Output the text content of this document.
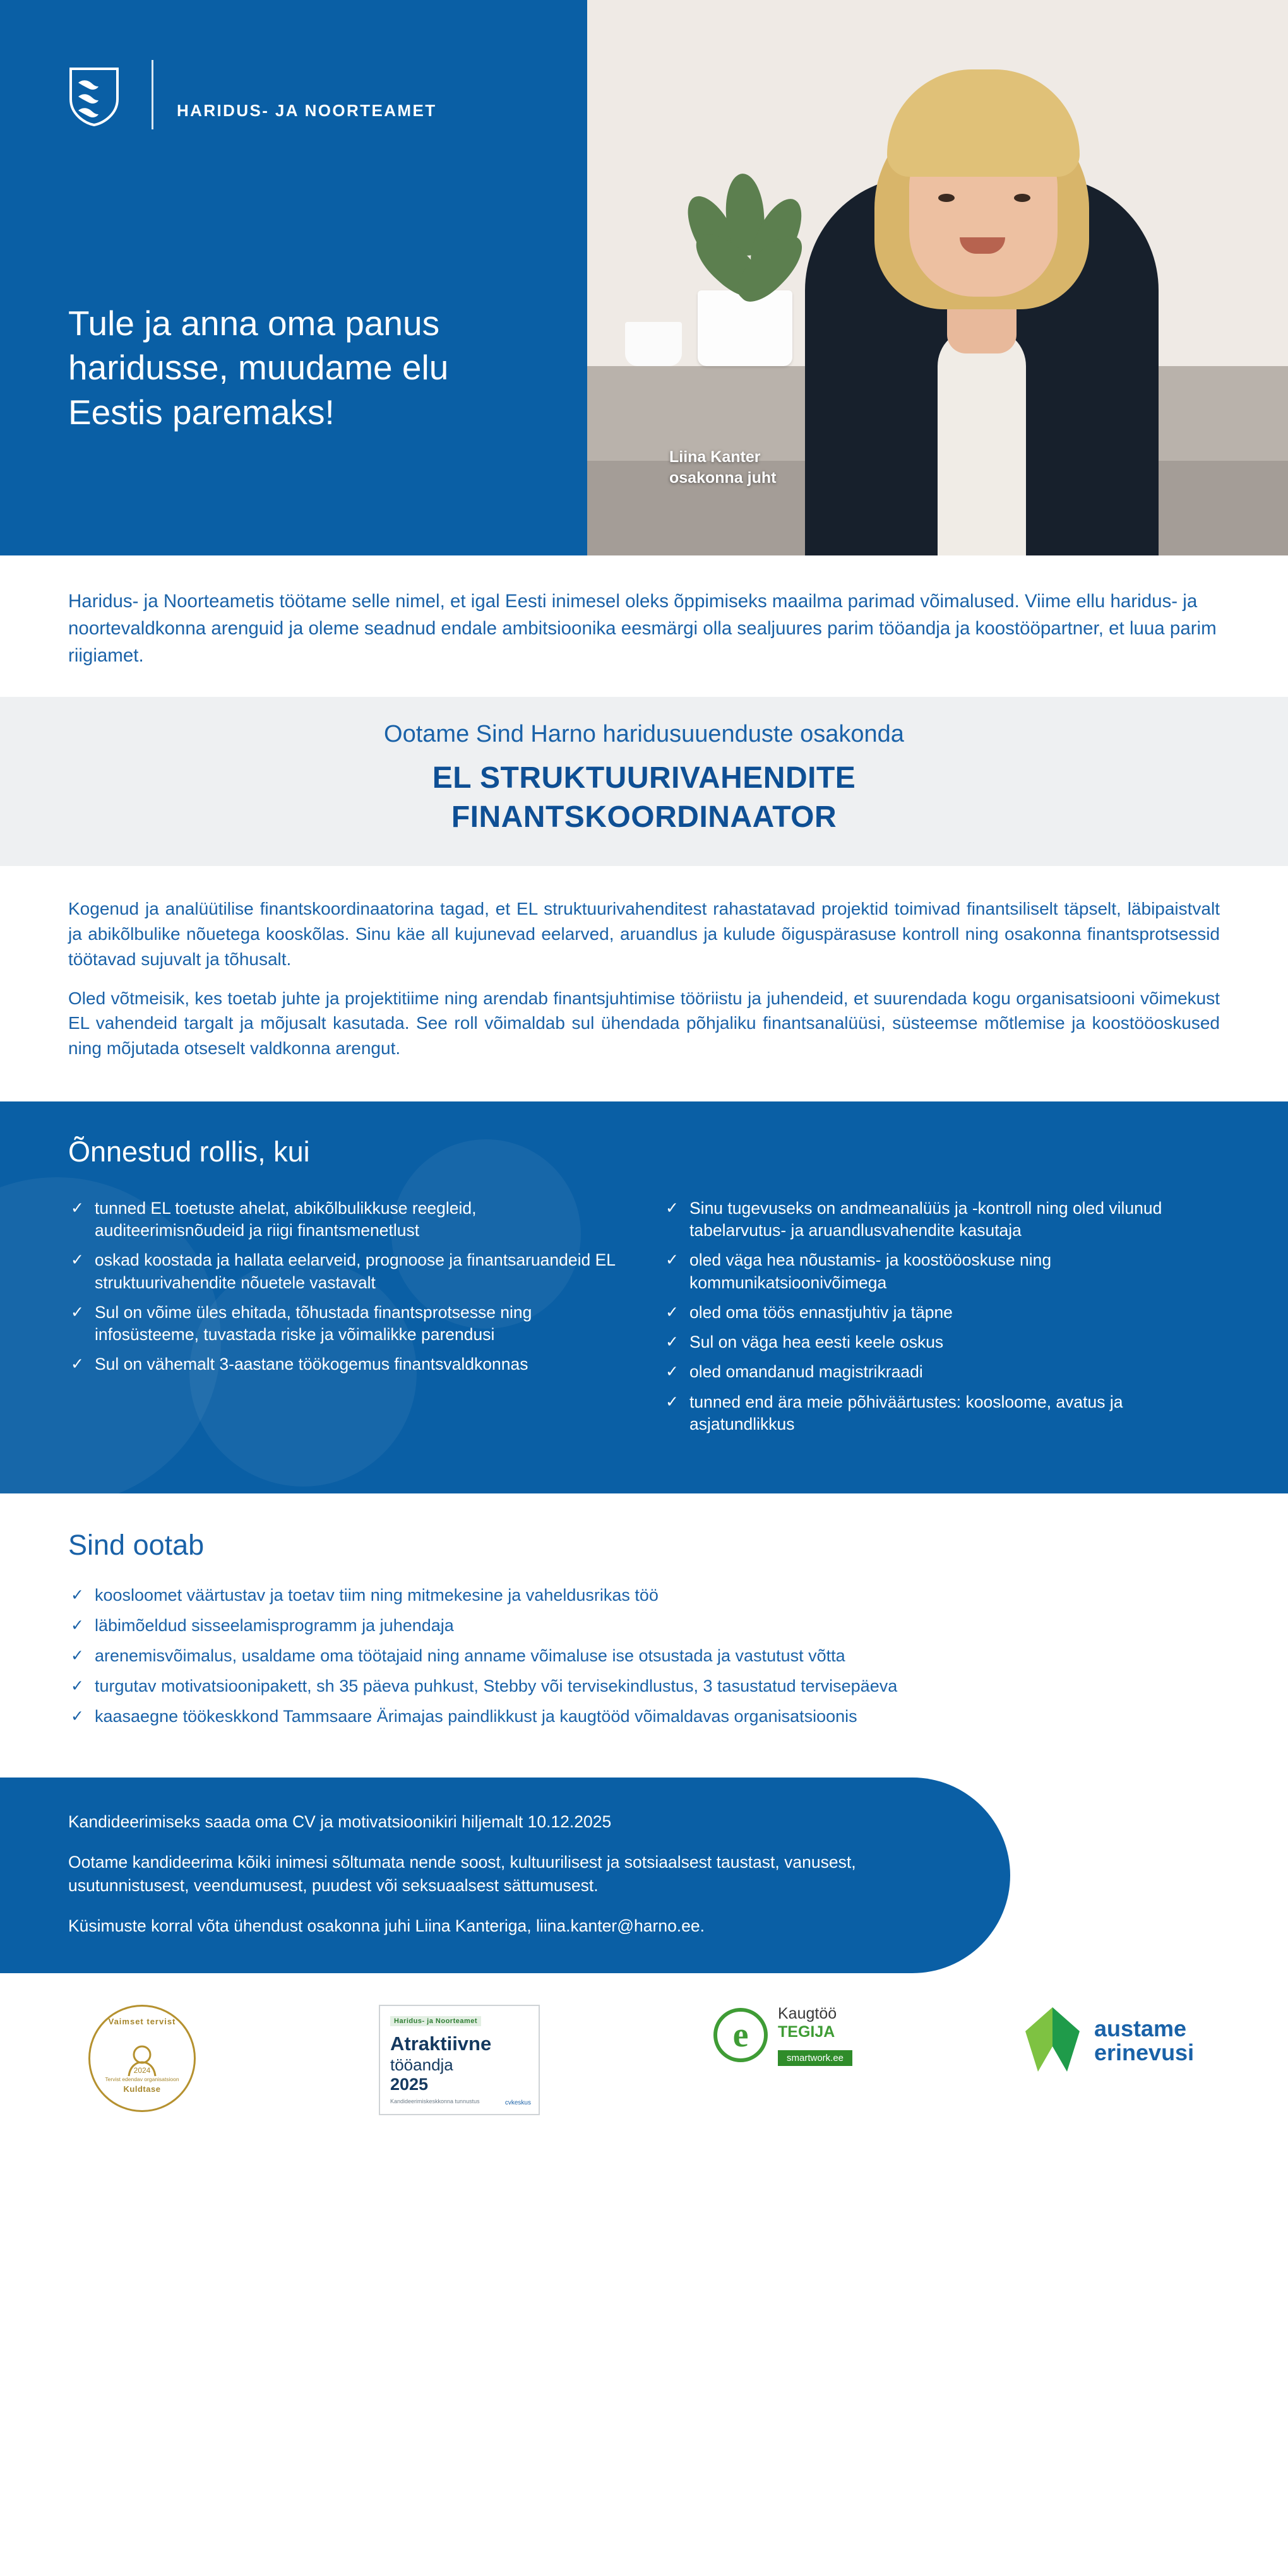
HARIDUS- JA NOORTEAMET
Tule ja anna oma panus haridusse, muudame elu Eestis paremaks!
Liina Kanter
osakonna juht

Haridus- ja Noorteametis töötame selle nimel, et igal Eesti inimesel oleks õppimiseks maailma parimad võimalused. Viime ellu haridus- ja noortevaldkonna arenguid ja oleme seadnud endale ambitsioonika eesmärgi olla sealjuures parim tööandja ja koostööpartner, et luua parim riigiamet.

Ootame Sind Harno haridusuuenduste osakonda

EL STRUKTUURIVAHENDITE
FINANTSKOORDINAATOR

Kogenud ja analüütilise finantskoordinaatorina tagad, et EL struktuurivahenditest rahastatavad projektid toimivad finantsiliselt täpselt, läbipaistvalt ja abikõlbulike nõuetega kooskõlas. Sinu käe all kujunevad eelarved, aruandlus ja kulude õiguspärasuse kontroll ning osakonna finantsprotsessid töötavad sujuvalt ja tõhusalt.

Oled võtmeisik, kes toetab juhte ja projektitiime ning arendab finantsjuhtimise tööriistu ja juhendeid, et suurendada kogu organisatsiooni võimekust EL vahendeid targalt ja mõjusalt kasutada. See roll võimaldab sul ühendada põhjaliku finantsanalüüsi, süsteemse mõtlemise ja koostööoskused ning mõjutada otseselt valdkonna arengut.

Õnnestud rollis, kui
✓ tunned EL toetuste ahelat, abikõlbulikkuse reegleid, auditeerimisnõudeid ja riigi finantsmenetlust
✓ oskad koostada ja hallata eelarveid, prognoose ja finantsaruandeid EL struktuurivahendite nõuetele vastavalt
✓ Sul on võime üles ehitada, tõhustada finantsprotsesse ning infosüsteeme, tuvastada riske ja võimalikke parendusi
✓ Sul on vähemalt 3-aastane töökogemus finantsvaldkonnas
✓ Sinu tugevuseks on andmeanalüüs ja -kontroll ning oled vilunud tabelarvutus- ja aruandlusvahendite kasutaja
✓ oled väga hea nõustamis- ja koostööoskuse ning kommunikatsioonivõimega
✓ oled oma töös ennastjuhtiv ja täpne
✓ Sul on väga hea eesti keele oskus
✓ oled omandanud magistrikraadi
✓ tunned end ära meie põhiväärtustes: koosloome, avatus ja asjatundlikkus
Sind ootab
✓ koosloomet väärtustav ja toetav tiim ning mitmekesine ja vaheldusrikas töö
✓ läbimõeldud sisseelamisprogramm ja juhendaja
✓ arenemisvõimalus, usaldame oma töötajaid ning anname võimaluse ise otsustada ja vastutust võtta
✓ turgutav motivatsioonipakett, sh 35 päeva puhkust, Stebby või tervisekindlustus, 3 tasustatud tervisepäeva
✓ kaasaegne töökeskkond Tammsaare Ärimajas paindlikkust ja kaugtööd võimaldavas organisatsioonis

Kandideerimiseks saada oma CV ja motivatsioonikiri hiljemalt 10.12.2025

Ootame kandideerima kõiki inimesi sõltumata nende soost, kultuurilisest ja sotsiaalsest taustast, vanusest, usutunnistusest, veendumusest, puudest või seksuaalsest sättumusest.

Küsimuste korral võta ühendust osakonna juhi Liina Kanteriga, liina.kanter@harno.ee.

Vaimset tervist
2024
Tervist edendav organisatsioon
Kuldtase
Haridus- ja Noorteamet
Atraktiivne
tööandja
2025
Kandideerimiskeskkonna tunnustus	cvkeskus
e
Kaugtöö
TEGIJA
smartwork.ee
austame
erinevusi
